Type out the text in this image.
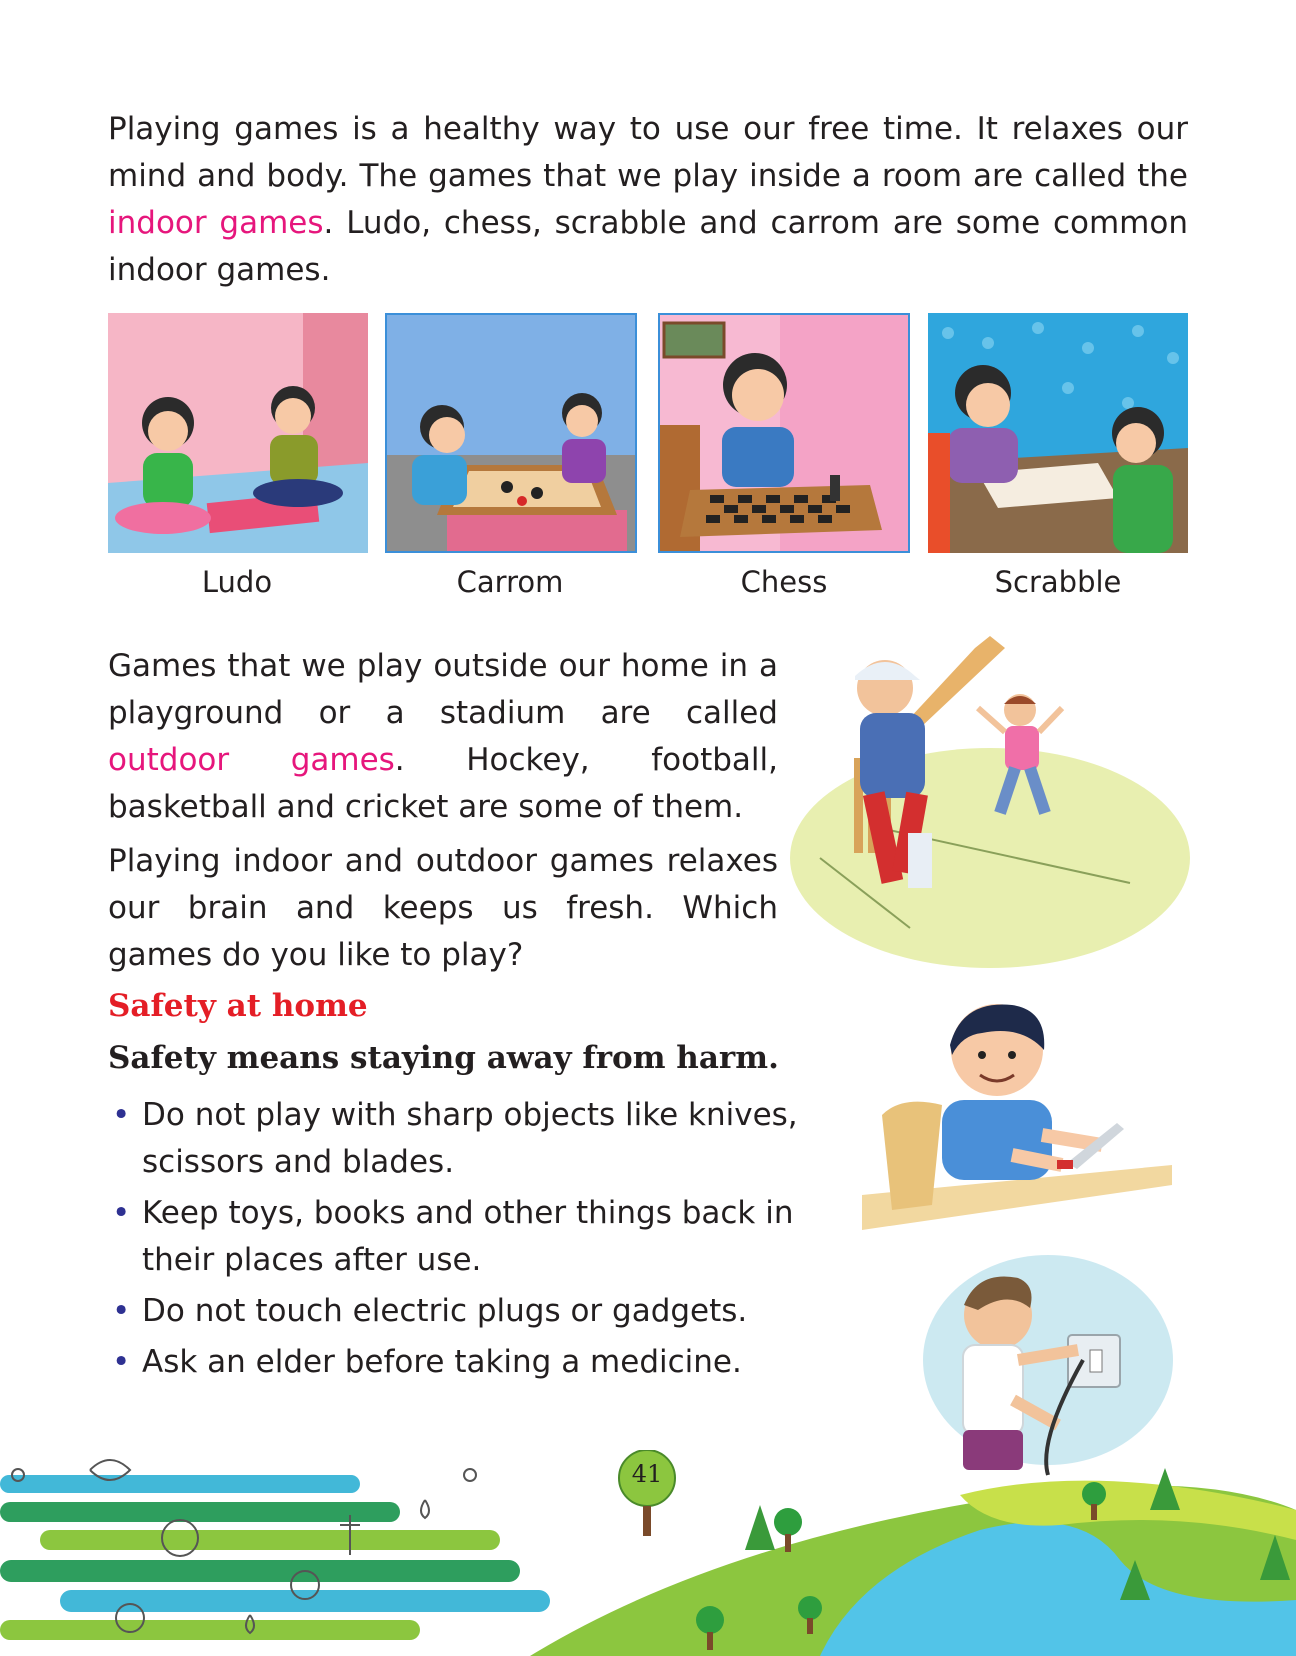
Playing games is a healthy way to use our free time. It relaxes our mind and body. The games that we play inside a room are called the indoor games. Ludo, chess, scrabble and carrom are some common indoor games.

Ludo	Carrom	Chess	Scrabble

Games that we play outside our home in a playground or a stadium are called outdoor games. Hockey, football, basketball and cricket are some of them.

Playing indoor and outdoor games relaxes our brain and keeps us fresh. Which games do you like to play?

Safety at home
Safety means staying away from harm.
• Do not play with sharp objects like knives, scissors and blades.
• Keep toys, books and other things back in their places after use.
• Do not touch electric plugs or gadgets.
• Ask an elder before taking a medicine.
41
